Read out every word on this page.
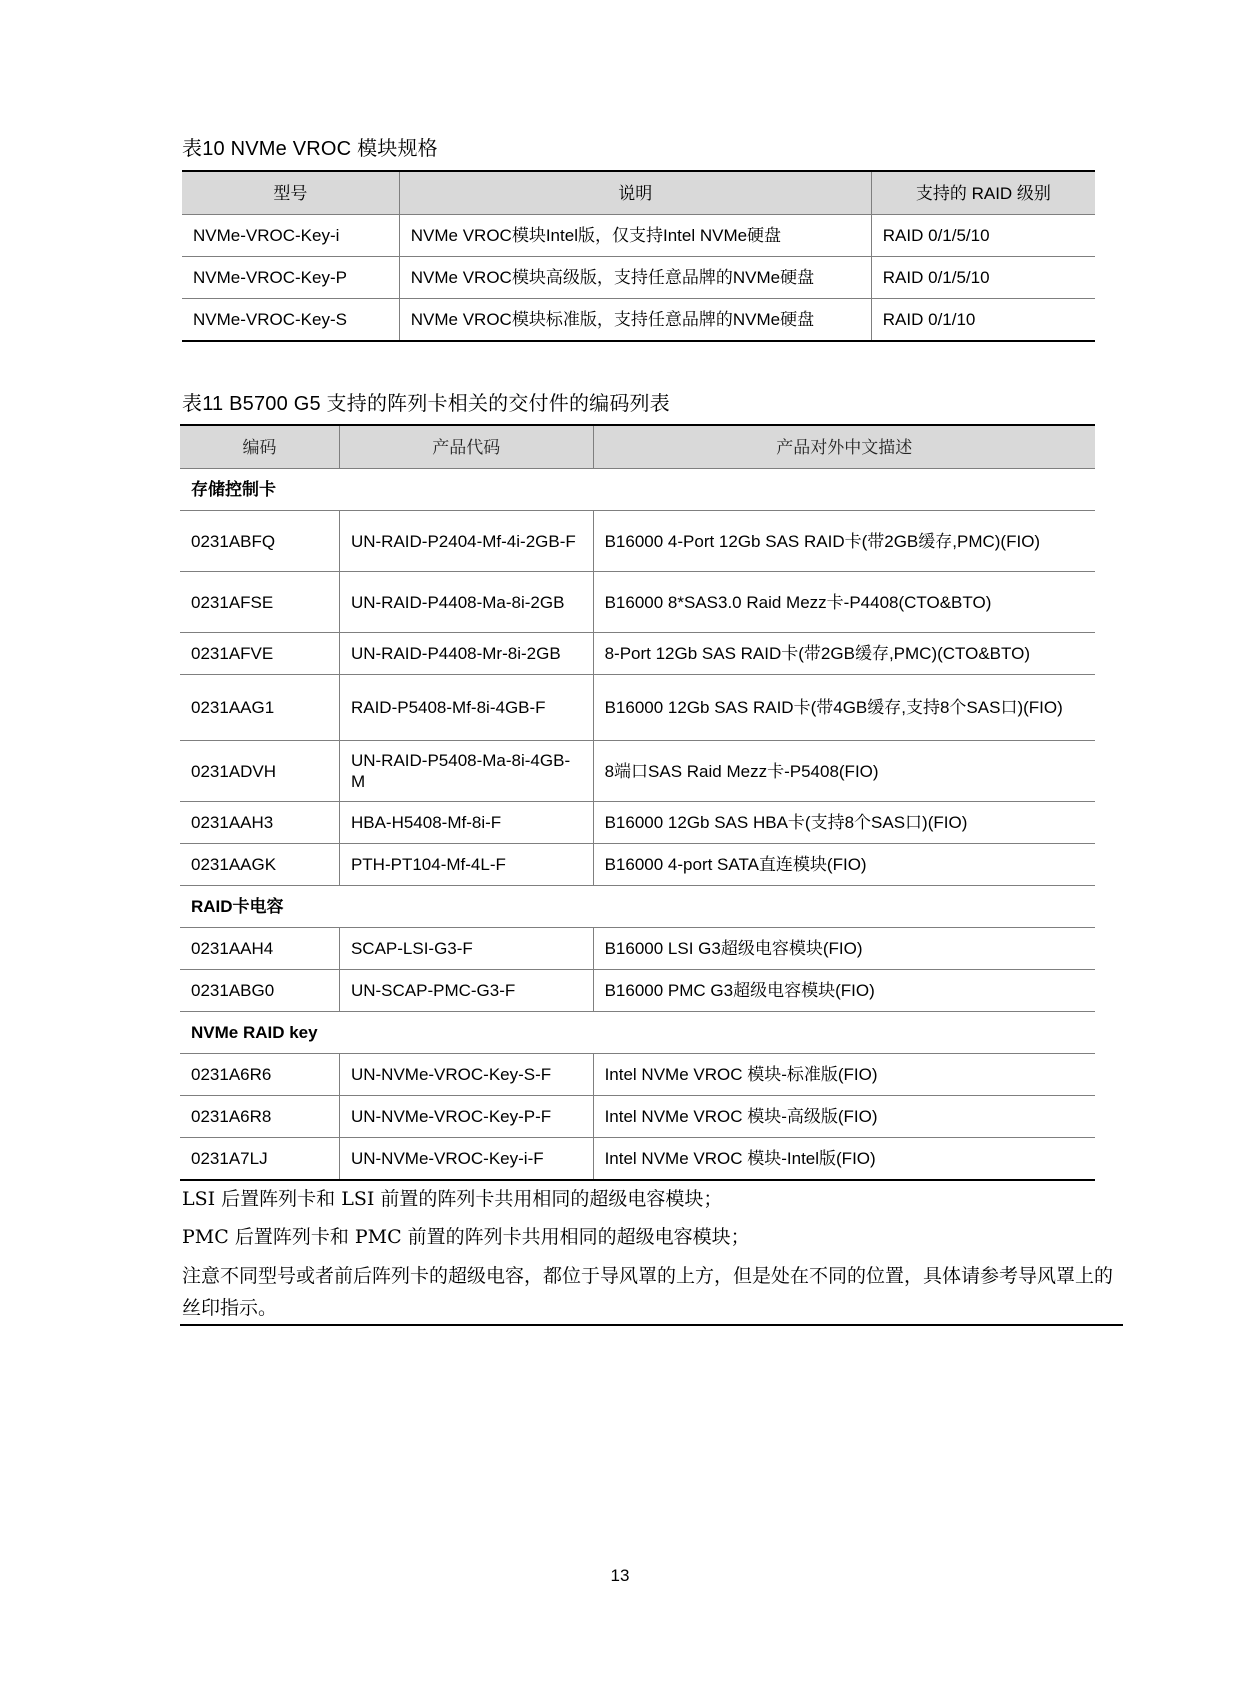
表10 NVMe VROC 模块规格
型号	说明	支持的 RAID 级别
NVMe-VROC-Key-i	NVMe VROC模块Intel版，仅支持Intel NVMe硬盘	RAID 0/1/5/10
NVMe-VROC-Key-P	NVMe VROC模块高级版，支持任意品牌的NVMe硬盘	RAID 0/1/5/10
NVMe-VROC-Key-S	NVMe VROC模块标准版，支持任意品牌的NVMe硬盘	RAID 0/1/10
表11 B5700 G5 支持的阵列卡相关的交付件的编码列表
编码	产品代码	产品对外中文描述
存储控制卡		
0231ABFQ	UN-RAID-P2404-Mf-4i-2GB-F	B16000 4-Port 12Gb SAS RAID卡(带2GB缓存,PMC)(FIO)
0231AFSE	UN-RAID-P4408-Ma-8i-2GB	B16000 8*SAS3.0 Raid Mezz卡-P4408(CTO&BTO)
0231AFVE	UN-RAID-P4408-Mr-8i-2GB	8-Port 12Gb SAS RAID卡(带2GB缓存,PMC)(CTO&BTO)
0231AAG1	RAID-P5408-Mf-8i-4GB-F	B16000 12Gb SAS RAID卡(带4GB缓存,支持8个SAS口)(FIO)
0231ADVH	UN-RAID-P5408-Ma-8i-4GB-M	8端口SAS Raid Mezz卡-P5408(FIO)
0231AAH3	HBA-H5408-Mf-8i-F	B16000 12Gb SAS HBA卡(支持8个SAS口)(FIO)
0231AAGK	PTH-PT104-Mf-4L-F	B16000 4-port SATA直连模块(FIO)
RAID卡电容		
0231AAH4	SCAP-LSI-G3-F	B16000 LSI G3超级电容模块(FIO)
0231ABG0	UN-SCAP-PMC-G3-F	B16000 PMC G3超级电容模块(FIO)
NVMe RAID key		
0231A6R6	UN-NVMe-VROC-Key-S-F	Intel NVMe VROC 模块-标准版(FIO)
0231A6R8	UN-NVMe-VROC-Key-P-F	Intel NVMe VROC 模块-高级版(FIO)
0231A7LJ	UN-NVMe-VROC-Key-i-F	Intel NVMe VROC 模块-Intel版(FIO)
LSI 后置阵列卡和 LSI 前置的阵列卡共用相同的超级电容模块；
PMC 后置阵列卡和 PMC 前置的阵列卡共用相同的超级电容模块；
注意不同型号或者前后阵列卡的超级电容，都位于导风罩的上方，但是处在不同的位置，具体请参考导风罩上的丝印指示。
13
